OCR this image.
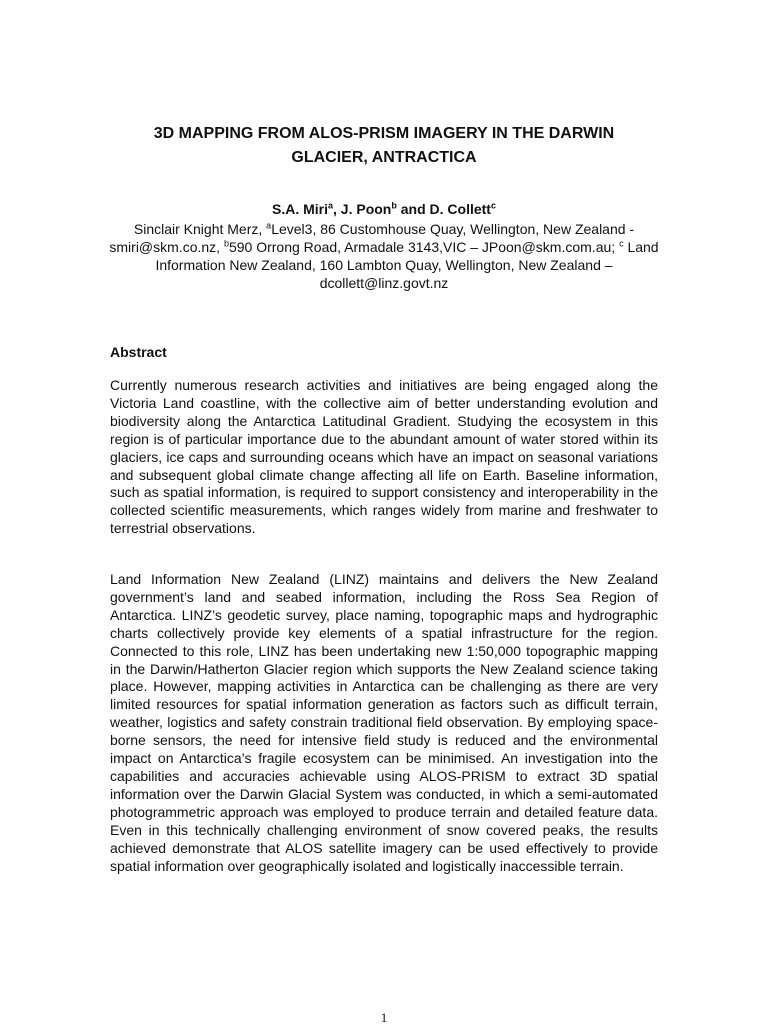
3D MAPPING FROM ALOS-PRISM IMAGERY IN THE DARWIN
GLACIER, ANTRACTICA
S.A. Miri$^a$, J. Poon$^b$ and D. Collett$^c$
Sinclair Knight Merz, $^a$Level3, 86 Customhouse Quay, Wellington, New Zealand - smiri@skm.co.nz, $^b$590 Orrong Road, Armadale 3143,VIC – JPoon@skm.com.au; $^c$ Land Information New Zealand, 160 Lambton Quay, Wellington, New Zealand – dcollett@linz.govt.nz
Abstract
Currently numerous research activities and initiatives are being engaged along the Victoria Land coastline, with the collective aim of better understanding evolution and biodiversity along the Antarctica Latitudinal Gradient. Studying the ecosystem in this region is of particular importance due to the abundant amount of water stored within its glaciers, ice caps and surrounding oceans which have an impact on seasonal variations and subsequent global climate change affecting all life on Earth. Baseline information, such as spatial information, is required to support consistency and interoperability in the collected scientific measurements, which ranges widely from marine and freshwater to terrestrial observations.
Land Information New Zealand (LINZ) maintains and delivers the New Zealand government’s land and seabed information, including the Ross Sea Region of Antarctica. LINZ’s geodetic survey, place naming, topographic maps and hydrographic charts collectively provide key elements of a spatial infrastructure for the region. Connected to this role, LINZ has been undertaking new 1:50,000 topographic mapping in the Darwin/Hatherton Glacier region which supports the New Zealand science taking place. However, mapping activities in Antarctica can be challenging as there are very limited resources for spatial information generation as factors such as difficult terrain, weather, logistics and safety constrain traditional field observation. By employing space-borne sensors, the need for intensive field study is reduced and the environmental impact on Antarctica’s fragile ecosystem can be minimised. An investigation into the capabilities and accuracies achievable using ALOS-PRISM to extract 3D spatial information over the Darwin Glacial System was conducted, in which a semi-automated photogrammetric approach was employed to produce terrain and detailed feature data. Even in this technically challenging environment of snow covered peaks, the results achieved demonstrate that ALOS satellite imagery can be used effectively to provide spatial information over geographically isolated and logistically inaccessible terrain.
1
